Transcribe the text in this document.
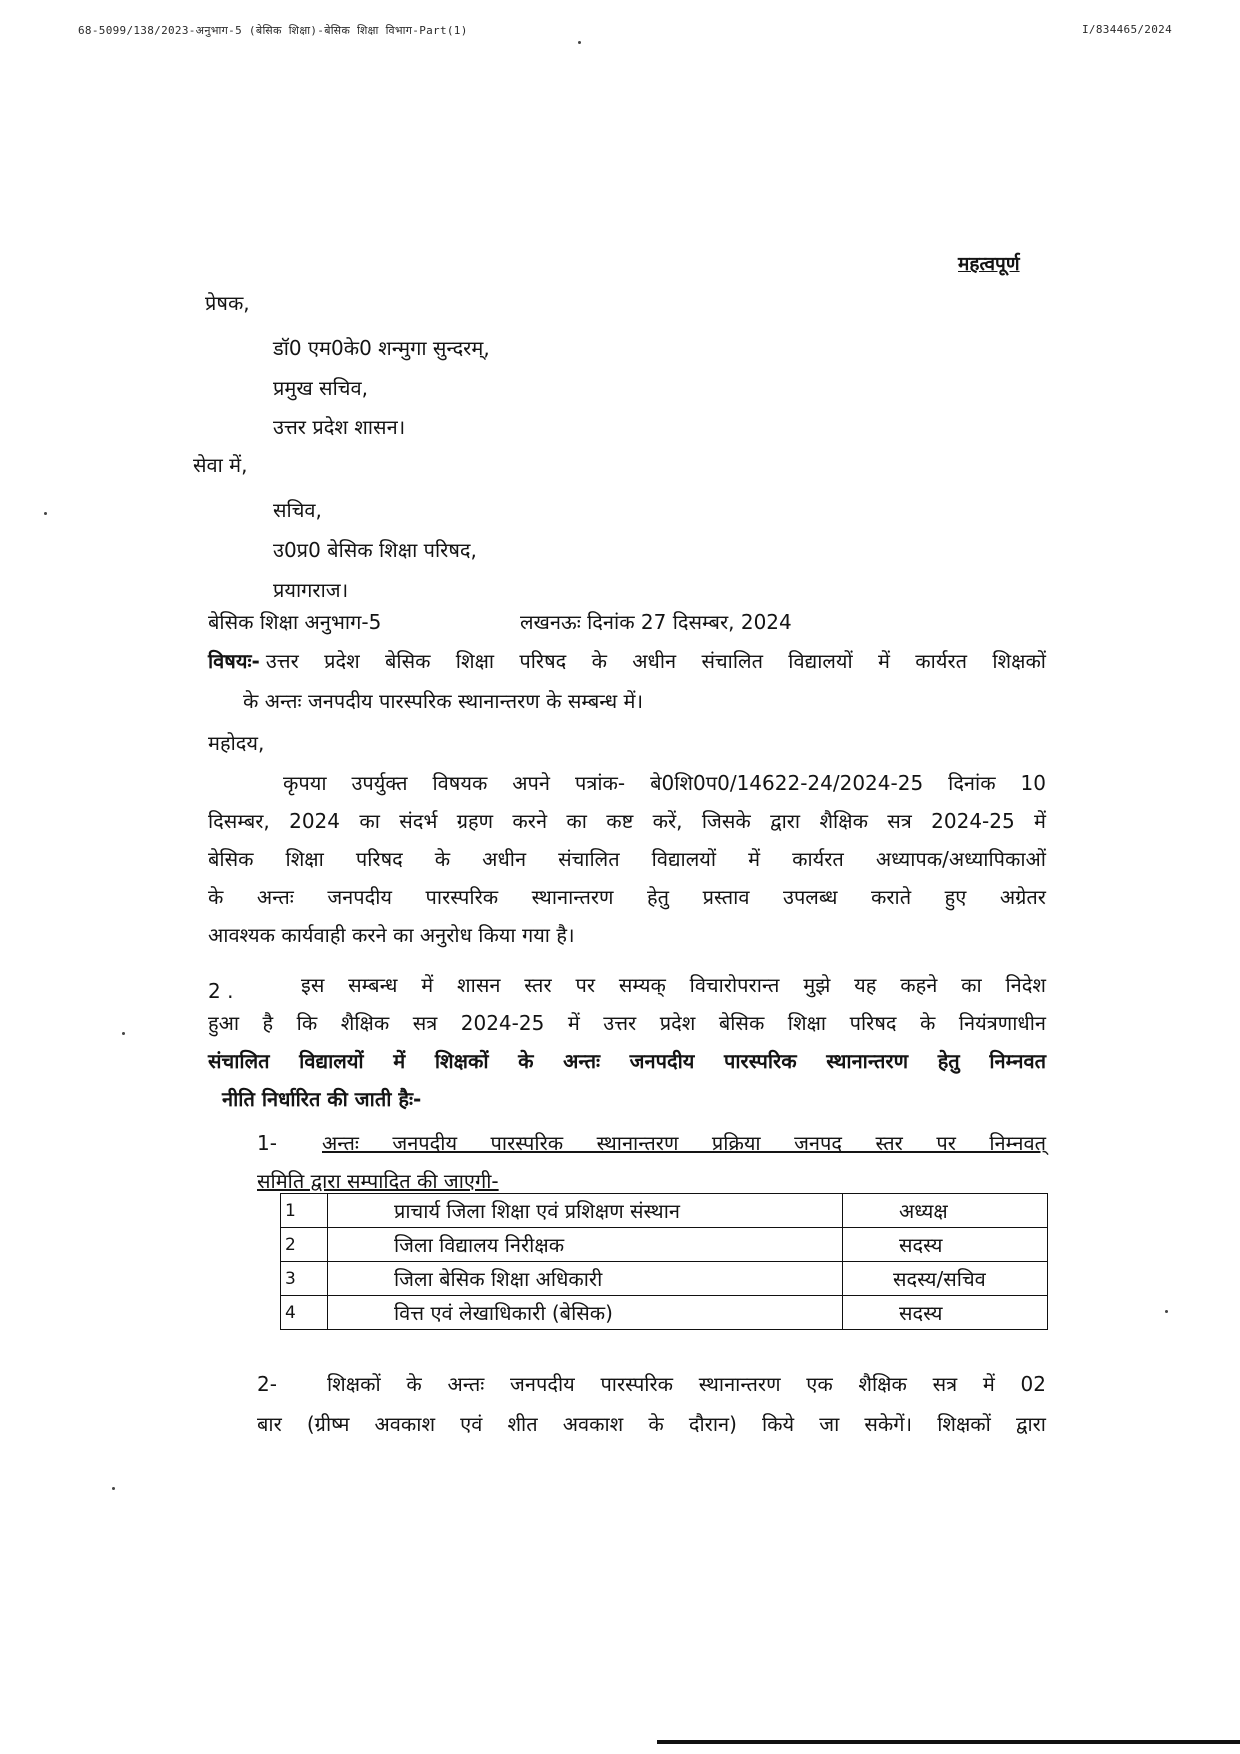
68-5099/138/2023-अनुभाग-5 (बेसिक शिक्षा)-बेसिक शिक्षा विभाग-Part(1)	I/834465/2024
महत्वपूर्ण
प्रेषक,
डॉ0 एम0के0 शन्मुगा सुन्दरम्,
प्रमुख सचिव,
उत्तर प्रदेश शासन।
सेवा में,
सचिव,
उ0प्र0 बेसिक शिक्षा परिषद,
प्रयागराज।
बेसिक शिक्षा अनुभाग-5	लखनऊः दिनांक 27 दिसम्बर, 2024
विषयः- उत्तर प्रदेश बेसिक शिक्षा परिषद के अधीन संचालित विद्यालयों में कार्यरत शिक्षकों
के अन्तः जनपदीय पारस्परिक स्थानान्तरण के सम्बन्ध में।
महोदय,
कृपया उपर्युक्त विषयक अपने पत्रांक- बे0शि0प0/14622-24/2024-25 दिनांक 10
दिसम्बर, 2024 का संदर्भ ग्रहण करने का कष्ट करें, जिसके द्वारा शैक्षिक सत्र 2024-25 में
बेसिक शिक्षा परिषद के अधीन संचालित विद्यालयों में कार्यरत अध्यापक/अध्यापिकाओं
के अन्तः जनपदीय पारस्परिक स्थानान्तरण हेतु प्रस्ताव उपलब्ध कराते हुए अग्रेतर
आवश्यक कार्यवाही करने का अनुरोध किया गया है।
2 .	इस सम्बन्ध में शासन स्तर पर सम्यक् विचारोपरान्त मुझे यह कहने का निदेश
हुआ है कि शैक्षिक सत्र 2024-25 में उत्तर प्रदेश बेसिक शिक्षा परिषद के नियंत्रणाधीन
संचालित विद्यालयों में शिक्षकों के अन्तः जनपदीय पारस्परिक स्थानान्तरण हेतु निम्नवत
नीति निर्धारित की जाती हैः-
1- अन्तः जनपदीय पारस्परिक स्थानान्तरण प्रक्रिया जनपद स्तर पर निम्नवत्
समिति द्वारा सम्पादित की जाएगी-
1	प्राचार्य जिला शिक्षा एवं प्रशिक्षण संस्थान	अध्यक्ष
2	जिला विद्यालय निरीक्षक	सदस्य
3	जिला बेसिक शिक्षा अधिकारी	सदस्य/सचिव
4	वित्त एवं लेखाधिकारी (बेसिक)	सदस्य
2-	शिक्षकों के अन्तः जनपदीय पारस्परिक स्थानान्तरण एक शैक्षिक सत्र में 02
बार (ग्रीष्म अवकाश एवं शीत अवकाश के दौरान) किये जा सकेगें। शिक्षकों द्वारा
